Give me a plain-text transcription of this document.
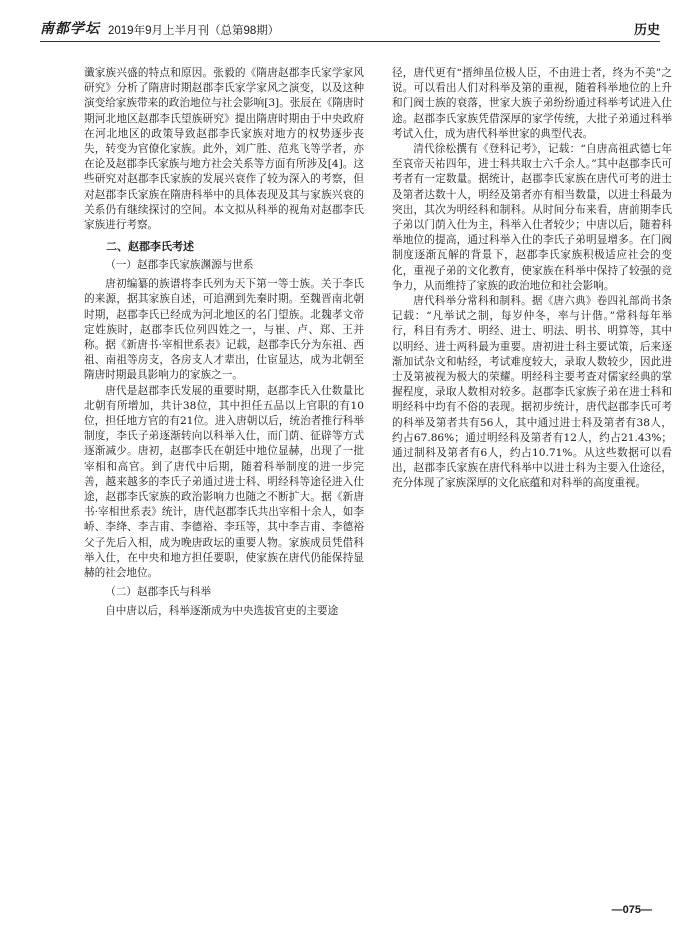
南都学坛 2019年9月上半月刊（总第98期）	历史

谶家族兴盛的特点和原因。张毅的《隋唐赵郡李氏家学家风研究》分析了隋唐时期赵郡李氏家学家风之演变，以及这种演变给家族带来的政治地位与社会影响[3]。张辰在《隋唐时期河北地区赵郡李氏望族研究》提出隋唐时期由于中央政府在河北地区的政策导致赵郡李氏家族对地方的权势逐步丧失，转变为官僚化家族。此外，刘广胜、范兆飞等学者，亦在论及赵郡李氏家族与地方社会关系等方面有所涉及[4]。这些研究对赵郡李氏家族的发展兴衰作了较为深入的考察，但对赵郡李氏家族在隋唐科举中的具体表现及其与家族兴衰的关系仍有继续探讨的空间。本文拟从科举的视角对赵郡李氏家族进行考察。

二、赵郡李氏考述
（一）赵郡李氏家族渊源与世系

唐初编纂的族谱将李氏列为天下第一等士族。关于李氏的来源，据其家族自述，可追溯到先秦时期。至魏晋南北朝时期，赵郡李氏已经成为河北地区的名门望族。北魏孝文帝定姓族时，赵郡李氏位列四姓之一，与崔、卢、郑、王并称。据《新唐书·宰相世系表》记载，赵郡李氏分为东祖、西祖、南祖等房支，各房支人才辈出，仕宦显达，成为北朝至隋唐时期最具影响力的家族之一。

唐代是赵郡李氏发展的重要时期，赵郡李氏入仕数量比北朝有所增加，共计38位，其中担任五品以上官职的有10位，担任地方官的有21位。进入唐朝以后，统治者推行科举制度，李氏子弟逐渐转向以科举入仕，而门荫、征辟等方式逐渐减少。唐初，赵郡李氏在朝廷中地位显赫，出现了一批宰相和高官。到了唐代中后期，随着科举制度的进一步完善，越来越多的李氏子弟通过进士科、明经科等途径进入仕途，赵郡李氏家族的政治影响力也随之不断扩大。据《新唐书·宰相世系表》统计，唐代赵郡李氏共出宰相十余人，如李峤、李绛、李吉甫、李德裕、李珏等，其中李吉甫、李德裕父子先后入相，成为晚唐政坛的重要人物。家族成员凭借科举入仕，在中央和地方担任要职，使家族在唐代仍能保持显赫的社会地位。

（二）赵郡李氏与科举

自中唐以后，科举逐渐成为中央选拔官吏的主要途

径，唐代更有“搢绅虽位极人臣，不由进士者，终为不美”之说。可以看出人们对科举及第的重视，随着科举地位的上升和门阀士族的衰落，世家大族子弟纷纷通过科举考试进入仕途。赵郡李氏家族凭借深厚的家学传统，大批子弟通过科举考试入仕，成为唐代科举世家的典型代表。

清代徐松撰有《登科记考》，记载：“自唐高祖武德七年至哀帝天祐四年，进士科共取士六千余人。”其中赵郡李氏可考者有一定数量。据统计，赵郡李氏家族在唐代可考的进士及第者达数十人，明经及第者亦有相当数量，以进士科最为突出，其次为明经科和制科。从时间分布来看，唐前期李氏子弟以门荫入仕为主，科举入仕者较少；中唐以后，随着科举地位的提高，通过科举入仕的李氏子弟明显增多。在门阀制度逐渐瓦解的背景下，赵郡李氏家族积极适应社会的变化，重视子弟的文化教育，使家族在科举中保持了较强的竞争力，从而维持了家族的政治地位和社会影响。

唐代科举分常科和制科。据《唐六典》卷四礼部尚书条记载：“凡举试之制，每岁仲冬，率与计偕。”常科每年举行，科目有秀才、明经、进士、明法、明书、明算等，其中以明经、进士两科最为重要。唐初进士科主要试策，后来逐渐加试杂文和帖经，考试难度较大，录取人数较少，因此进士及第被视为极大的荣耀。明经科主要考查对儒家经典的掌握程度，录取人数相对较多。赵郡李氏家族子弟在进士科和明经科中均有不俗的表现。据初步统计，唐代赵郡李氏可考的科举及第者共有56人，其中通过进士科及第者有38人，约占67.86%；通过明经科及第者有12人，约占21.43%；通过制科及第者有6人，约占10.71%。从这些数据可以看出，赵郡李氏家族在唐代科举中以进士科为主要入仕途径，充分体现了家族深厚的文化底蕴和对科举的高度重视。

—075—
